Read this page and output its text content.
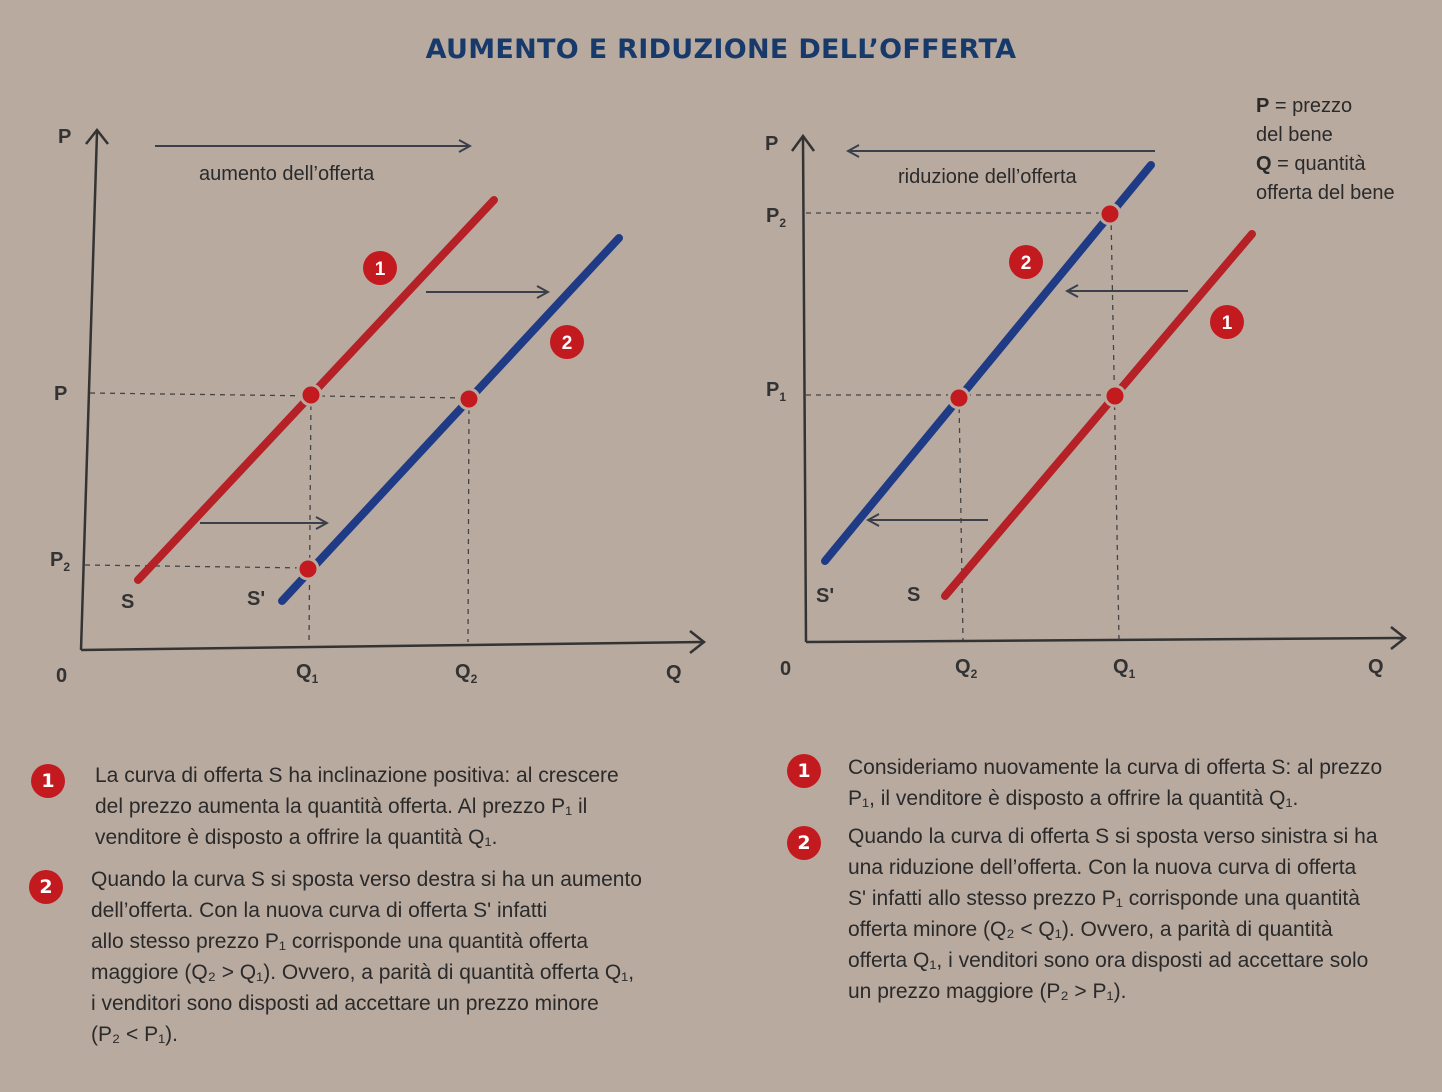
AUMENTO E RIDUZIONE DELL’OFFERTA
P
Q
0
aumento dell’offerta
1
2
S	S'
P
$P_2$
$Q_1$	$Q_2$
P
Q
0
riduzione dell’offerta
2
1
S'	S
$P_2$
$P_1$
$Q_2$	$Q_1$
P = prezzo
del bene
Q = quantità
offerta del bene
1	La curva di offerta S ha inclinazione positiva: al crescere
del prezzo aumenta la quantità offerta. Al prezzo P₁ il
venditore è disposto a offrire la quantità Q₁.
2	Quando la curva S si sposta verso destra si ha un aumento
dell’offerta. Con la nuova curva di offerta S' infatti
allo stesso prezzo P₁ corrisponde una quantità offerta
maggiore (Q₂ > Q₁). Ovvero, a parità di quantità offerta Q₁,
i venditori sono disposti ad accettare un prezzo minore
(P₂ < P₁).
1	Consideriamo nuovamente la curva di offerta S: al prezzo
P₁, il venditore è disposto a offrire la quantità Q₁.
2	Quando la curva di offerta S si sposta verso sinistra si ha
una riduzione dell’offerta. Con la nuova curva di offerta
S' infatti allo stesso prezzo P₁ corrisponde una quantità
offerta minore (Q₂ < Q₁). Ovvero, a parità di quantità
offerta Q₁, i venditori sono ora disposti ad accettare solo
un prezzo maggiore (P₂ > P₁).
